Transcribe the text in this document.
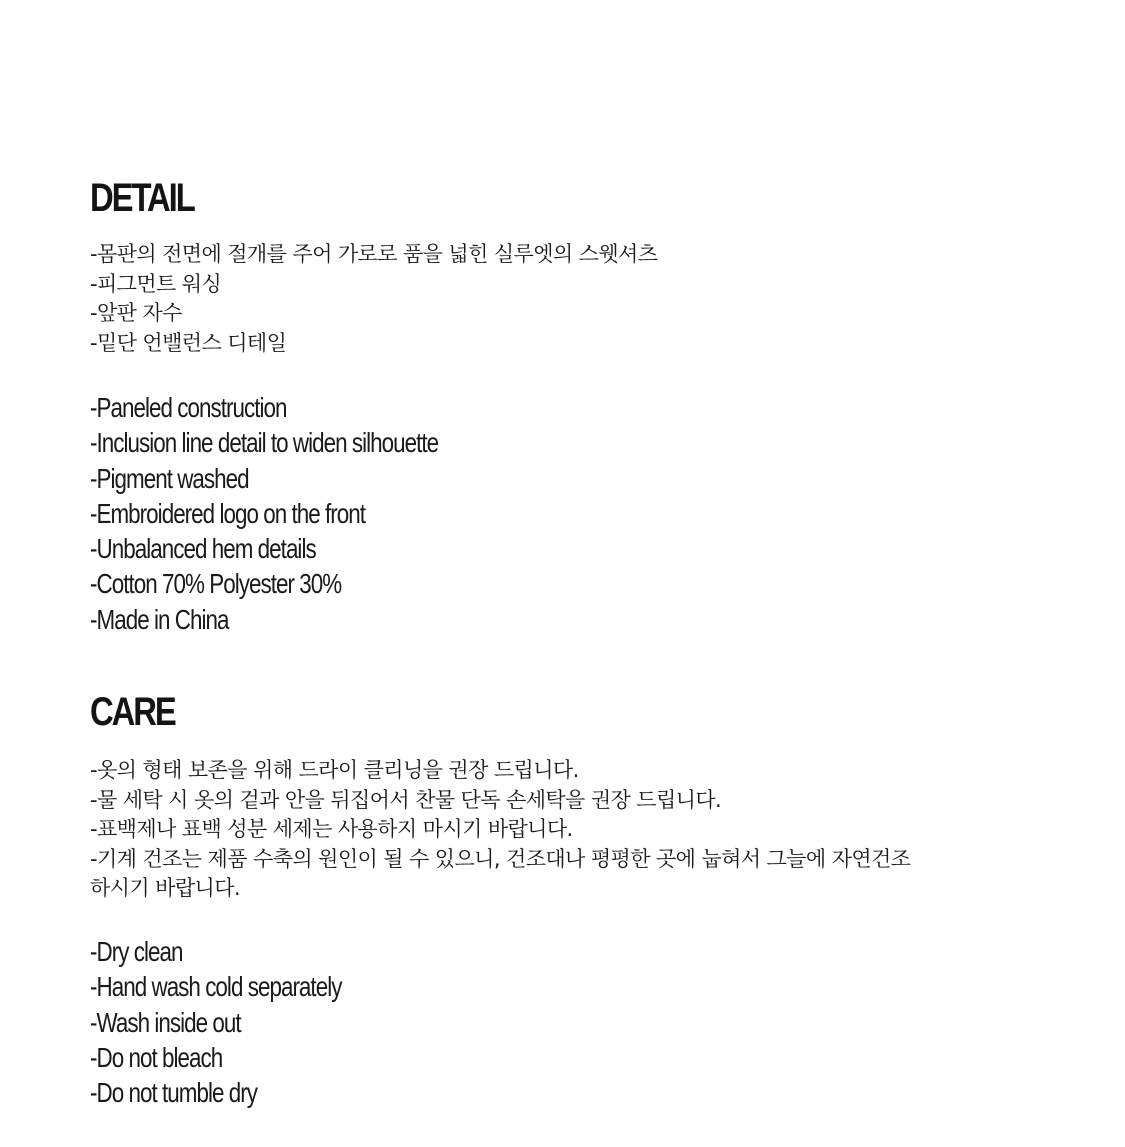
DETAIL
-몸판의 전면에 절개를 주어 가로로 품을 넓힌 실루엣의 스웻셔츠
-피그먼트 워싱
-앞판 자수
-밑단 언밸런스 디테일
-Paneled construction
-Inclusion line detail to widen silhouette
-Pigment washed
-Embroidered logo on the front
-Unbalanced hem details
-Cotton 70% Polyester 30%
-Made in China
CARE
-옷의 형태 보존을 위해 드라이 클리닝을 권장 드립니다.
-물 세탁 시 옷의 겉과 안을 뒤집어서 찬물 단독 손세탁을 권장 드립니다.
-표백제나 표백 성분 세제는 사용하지 마시기 바랍니다.
-기계 건조는 제품 수축의 원인이 될 수 있으니, 건조대나 평평한 곳에 눕혀서 그늘에 자연건조하시기 바랍니다.
-Dry clean
-Hand wash cold separately
-Wash inside out
-Do not bleach
-Do not tumble dry
